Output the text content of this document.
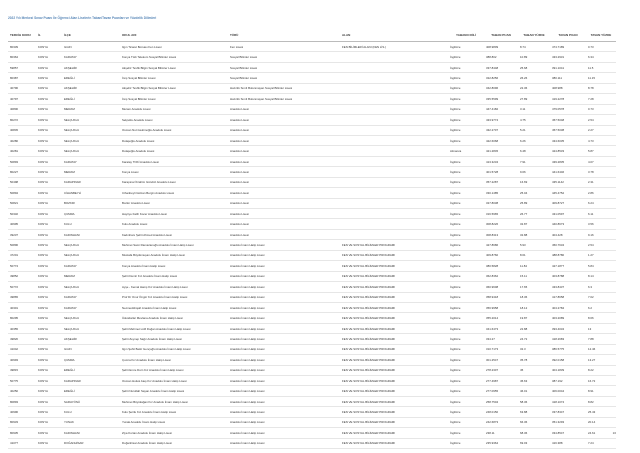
2022 Yılı Merkezi Sınav Puanı İle Öğrenci Alan Liselerin Taban/Tavan Puanları ve Yüzdelik Dilimleri
TERCİH KODU	İL	İLÇE	OKUL ADI	TÜRÜ	ALAN	YABANCI DİLİ	TABAN PUAN	TABAN YÜZDE	TAVAN PUAN	TAVAN YÜZDE
80339	KONYA	ILGIN	Ilgın Ticaret Borsası Fen Lisesi	Fen Lisesi	FEN BİLİMLERİ ALANI (FEN LİS.)	İngilizce	408.9809	8.74	474.7189	0.73
80364	KONYA	KARATAY	Konya Türk Telekom Sosyal Bilimler Lisesi	Sosyal Bilimler Lisesi		İngilizce	388.802	10.89	433.2931	6.34
59857	KONYA	AKŞEHİR	Akşehir Tevfik Bilgin Sosyal Bilimler Lisesi	Sosyal Bilimler Lisesi		İngilizce	337.8448	25.68	391.1041	11.5
80387	KONYA	EREĞLİ	İnnş Sosyal Bilimler Lisesi	Sosyal Bilimler Lisesi		İngilizce	322.8256	26.26	380.111	11.15
40796	KONYA	AKŞEHİR	Akşehir Tevfik Bilgin Sosyal Bilimler Lisesi	Hazırlık Sınıfı Bulunmayan Sosyal Bilimler Lisesi		İngilizce	342.8096	22.36	408.988	8.78
40797	KONYA	EREĞLİ	İnnş Sosyal Bilimler Lisesi	Hazırlık Sınıfı Bulunmayan Sosyal Bilimler Lisesi		İngilizce	335.5599	27.89	419.2278	7.28
40800	KONYA	MERAM	Meram Anadolu Lisesi	Anadolu Lisesi		İngilizce	447.4182	3.11	479.0578	0.73
80272	KONYA	SELÇUKLU	Selçuklu Anadolu Lisesi	Anadolu Lisesi		İngilizce	433.9774	4.75	457.5048	2.54
40845	KONYA	SELÇUKLU	Osman Nuri Hekimoğlu Anadolu Lisesi	Anadolu Lisesi		İngilizce	432.2707	5.21	457.5038	2.27
40280	KONYA	SELÇUKLU	Dolaşoğlu Anadolu Lisesi	Anadolu Lisesi		İngilizce	422.6068	6.26	434.6035	4.73
40281	KONYA	SELÇUKLU	Dolaşoğlu Anadolu Lisesi	Anadolu Lisesi		Almanca	421.2845	6.48	424.8533	5.87
50893	KONYA	KARATAY	Karatay TOKİ Anadolu Lisesi	Anadolu Lisesi		İngilizce	413.3234	7.91	439.2835	4.07
80227	KONYA	MERAM	Konya Lisesi	Anadolu Lisesi		İngilizce	401.5728	9.66	441.6446	3.78
50498	KONYA	KARAPINAR	Karapınar İbrahim Gündüz Anadolu Lisesi	Anadolu Lisesi		İngilizce	357.2287	16.69	435.1142	2.31
50894	KONYA	CİHANBEYLİ	Cihanbeyli Gülcan Bergin Anadolu Lisesi	Anadolu Lisesi		İngilizce	330.1485	25.04	445.4752	2.86
50821	KONYA	BOZKIR	Bozkır Anadolu Lisesi	Anadolu Lisesi		İngilizce	327.8038	25.89	409.8727	6.24
50332	KONYA	ÇUMRA	Hayriye Fatih Kocer Anadolu Lisesi	Anadolu Lisesi		İngilizce	316.5965	26.77	431.0597	6.11
40995	KONYA	KULU	Kulu Anadolu Lisesi	Anadolu Lisesi		İngilizce	308.8226	32.87	440.8673	3.56
39237	KONYA	KADINHANI	Kadınhanı Şehit Ahmed Anadolu Lisesi	Anadolu Lisesi		İngilizce	308.8313	32.88	404.428	9.16
50896	KONYA	SELÇUKLU	Mehmet Sami Ramazanoğlu Anadolu İmam Hatip Lisesi	Anadolu İmam Hatip Lisesi	FEN VE SOSYAL BİLİMLER PROGRAMI	İngilizce	427.8686	5.93	450.7634	2.54
47201	KONYA	SELÇUKLU	Mustafa Büyükmuşan Anadolu İmam Hatip Lisesi	Anadolu İmam Hatip Lisesi	FEN VE SOSYAL BİLİMLER PROGRAMI	İngilizce	409.8760	8.61	488.8780	1.27
50774	KONYA	KARATAY	Konya Anadolu İmam Hatip Lisesi	Anadolu İmam Hatip Lisesi	FEN VE SOSYAL BİLİMLER PROGRAMI	İngilizce	380.5828	11.84	427.1877	5.84
49852	KONYA	MERAM	Şehit Demir Kız Anadolu İmam Hatip Lisesi	Anadolu İmam Hatip Lisesi	FEN VE SOSYAL BİLİMLER PROGRAMI	İngilizce	362.8362	15.11	403.8788	8.14
50772	KONYA	SELÇUKLU	Ayşe - Kemal Hamş Kız Anadolu İmam Hatip Lisesi	Anadolu İmam Hatip Lisesi	FEN VE SOSYAL BİLİMLER PROGRAMI	İngilizce	360.9608	17.65	433.8437	6.3
49865	KONYA	KARATAY	Prof Dr Onur Öngür Kız Anadolu İmam Hatip Lisesi	Anadolu İmam Hatip Lisesi	FEN VE SOSYAL BİLİMLER PROGRAMI	İngilizce	358.9418	18.36	417.8658	7.02
40301	KONYA	KARATAY	Necmeddinşah Anadolu İmam Hatip Lisesi	Anadolu İmam Hatip Lisesi	FEN VE SOSYAL BİLİMLER PROGRAMI	İngilizce	356.9958	18.12	404.2784	6.2
80295	KONYA	SELÇUKLU	Üsküdarlar Mevlana Anadolu İmam Hatip Lisesi	Anadolu İmam Hatip Lisesi	FEN VE SOSYAL BİLİMLER PROGRAMI	İngilizce	355.2014	19.87	403.2089	8.66
40355	KONYA	SELÇUKLU	Şehit Mehmet Lütfi Doğan Anadolu İmam Hatip Lisesi	Anadolu İmam Hatip Lisesi	FEN VE SOSYAL BİLİMLER PROGRAMI	İngilizce	341.6473	22.88	393.4034	13
49820	KONYA	AKŞEHİR	Şehit Zeynep Sağır Anadolu İmam Hatip Lisesi	Anadolu İmam Hatip Lisesi	FEN VE SOSYAL BİLİMLER PROGRAMI	İngilizce	334.27	24.72	418.2683	7.88
41042	KONYA	ILGIN	Ilgın Şehit Bekir Gençoğlu Anadolu İmam Hatip Lisesi	Anadolu İmam Hatip Lisesi	FEN VE SOSYAL BİLİMLER PROGRAMI	İngilizce	310.7173	32.3	386.5775	12.46
40993	KONYA	ÇUMRA	Çumra Kız Anadolu İmam Hatip Lisesi	Anadolu İmam Hatip Lisesi	FEN VE SOSYAL BİLİMLER PROGRAMI	İngilizce	301.2547	35.78	392.0158	13.27
49815	KONYA	EREĞLİ	Şehit Emre Durn Kız Anadolu İmam Hatip Lisesi	Anadolu İmam Hatip Lisesi	FEN VE SOSYAL BİLİMLER PROGRAMI	İngilizce	278.2307	45	404.1839	8.22
50775	KONYA	KARAPINAR	Osman Hulusi Ateş Kız Anadolu İmam Hatip Lisesi	Anadolu İmam Hatip Lisesi	FEN VE SOSYAL BİLİMLER PROGRAMI	İngilizce	277.4987	45.63	387.192	16.72
40250	KONYA	EREĞLİ	Şehit Nurullah Sayan Anadolu İmam Hatip Lisesi	Anadolu İmam Hatip Lisesi	FEN VE SOSYAL BİLİMLER PROGRAMI	İngilizce	277.0955	46.01	406.0044	8.91
80893	KONYA	SARAYÖNÜ	Mehmet Büyükağan Kız Anadolu İmam Hatip Lisesi	Anadolu İmam Hatip Lisesi	FEN VE SOSYAL BİLİMLER PROGRAMI	İngilizce	258.7504	58.36	418.1074	8.82
40996	KONYA	KULU	Kulu Şerife Kız Anadolu İmam Hatip Lisesi	Anadolu İmam Hatip Lisesi	FEN VE SOSYAL BİLİMLER PROGRAMI	İngilizce	248.0150	63.88	337.8347	25.43
80933	KONYA	YUNAK	Yunak Anadolu İmam Hatip Lisesi	Anadolu İmam Hatip Lisesi	FEN VE SOSYAL BİLİMLER PROGRAMI	İngilizce	242.6873	66.36	351.3293	20.14
80935	KONYA	KADINHANI	Ziya Kurtan Anadolu İmam Hatip Lisesi	Anadolu İmam Hatip Lisesi	FEN VE SOSYAL BİLİMLER PROGRAMI	İngilizce	238.11	68.36	334.8547	24.61
41077	KONYA	DOĞANHİSAR	Doğanhisar Anadolu İmam Hatip Lisesi	Anadolu İmam Hatip Lisesi	FEN VE SOSYAL BİLİMLER PROGRAMI	İngilizce	235.9364	69.03	416.388	7.24
16
